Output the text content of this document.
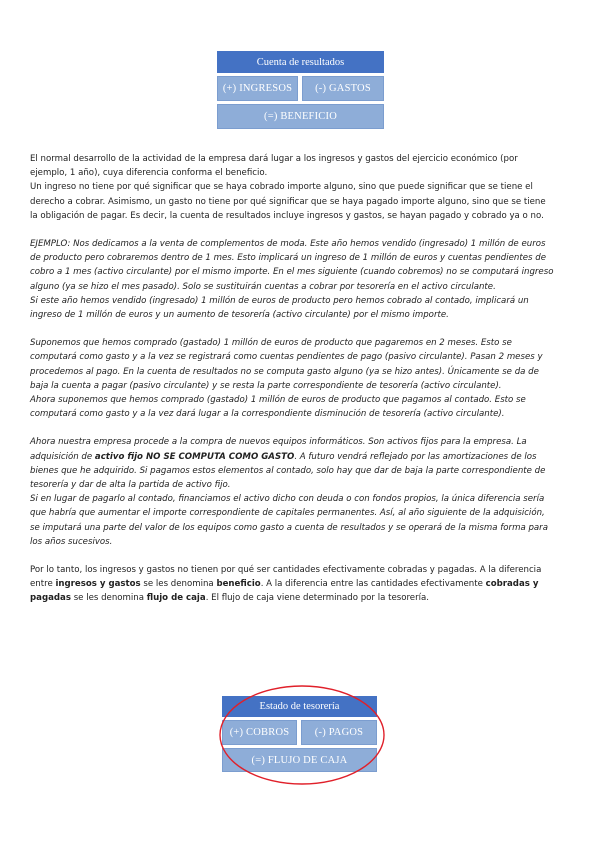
Cuenta de resultados
(+) INGRESOS	(-) GASTOS
(=) BENEFICIO

El normal desarrollo de la actividad de la empresa dará lugar a los ingresos y gastos del ejercicio económico (por

ejemplo, 1 año), cuya diferencia conforma el beneficio.

Un ingreso no tiene por qué significar que se haya cobrado importe alguno, sino que puede significar que se tiene el

derecho a cobrar. Asimismo, un gasto no tiene por qué significar que se haya pagado importe alguno, sino que se tiene

la obligación de pagar. Es decir, la cuenta de resultados incluye ingresos y gastos, se hayan pagado y cobrado ya o no.

EJEMPLO: Nos dedicamos a la venta de complementos de moda. Este año hemos vendido (ingresado) 1 millón de euros

de producto pero cobraremos dentro de 1 mes. Esto implicará un ingreso de 1 millón de euros y cuentas pendientes de

cobro a 1 mes (activo circulante) por el mismo importe. En el mes siguiente (cuando cobremos) no se computará ingreso

alguno (ya se hizo el mes pasado). Solo se sustituirán cuentas a cobrar por tesorería en el activo circulante.

Si este año hemos vendido (ingresado) 1 millón de euros de producto pero hemos cobrado al contado, implicará un

ingreso de 1 millón de euros y un aumento de tesorería (activo circulante) por el mismo importe.

Suponemos que hemos comprado (gastado) 1 millón de euros de producto que pagaremos en 2 meses. Esto se

computará como gasto y a la vez se registrará como cuentas pendientes de pago (pasivo circulante). Pasan 2 meses y

procedemos al pago. En la cuenta de resultados no se computa gasto alguno (ya se hizo antes). Únicamente se da de

baja la cuenta a pagar (pasivo circulante) y se resta la parte correspondiente de tesorería (activo circulante).

Ahora suponemos que hemos comprado (gastado) 1 millón de euros de producto que pagamos al contado. Esto se

computará como gasto y a la vez dará lugar a la correspondiente disminución de tesorería (activo circulante).

Ahora nuestra empresa procede a la compra de nuevos equipos informáticos. Son activos fijos para la empresa. La

adquisición de activo fijo NO SE COMPUTA COMO GASTO. A futuro vendrá reflejado por las amortizaciones de los

bienes que he adquirido. Si pagamos estos elementos al contado, solo hay que dar de baja la parte correspondiente de

tesorería y dar de alta la partida de activo fijo.

Si en lugar de pagarlo al contado, financiamos el activo dicho con deuda o con fondos propios, la única diferencia sería

que habría que aumentar el importe correspondiente de capitales permanentes. Así, al año siguiente de la adquisición,

se imputará una parte del valor de los equipos como gasto a cuenta de resultados y se operará de la misma forma para

los años sucesivos.

Por lo tanto, los ingresos y gastos no tienen por qué ser cantidades efectivamente cobradas y pagadas. A la diferencia

entre ingresos y gastos se les denomina beneficio. A la diferencia entre las cantidades efectivamente cobradas y

pagadas se les denomina flujo de caja. El flujo de caja viene determinado por la tesorería.

Estado de tesorería
(+) COBROS	(-) PAGOS
(=) FLUJO DE CAJA
